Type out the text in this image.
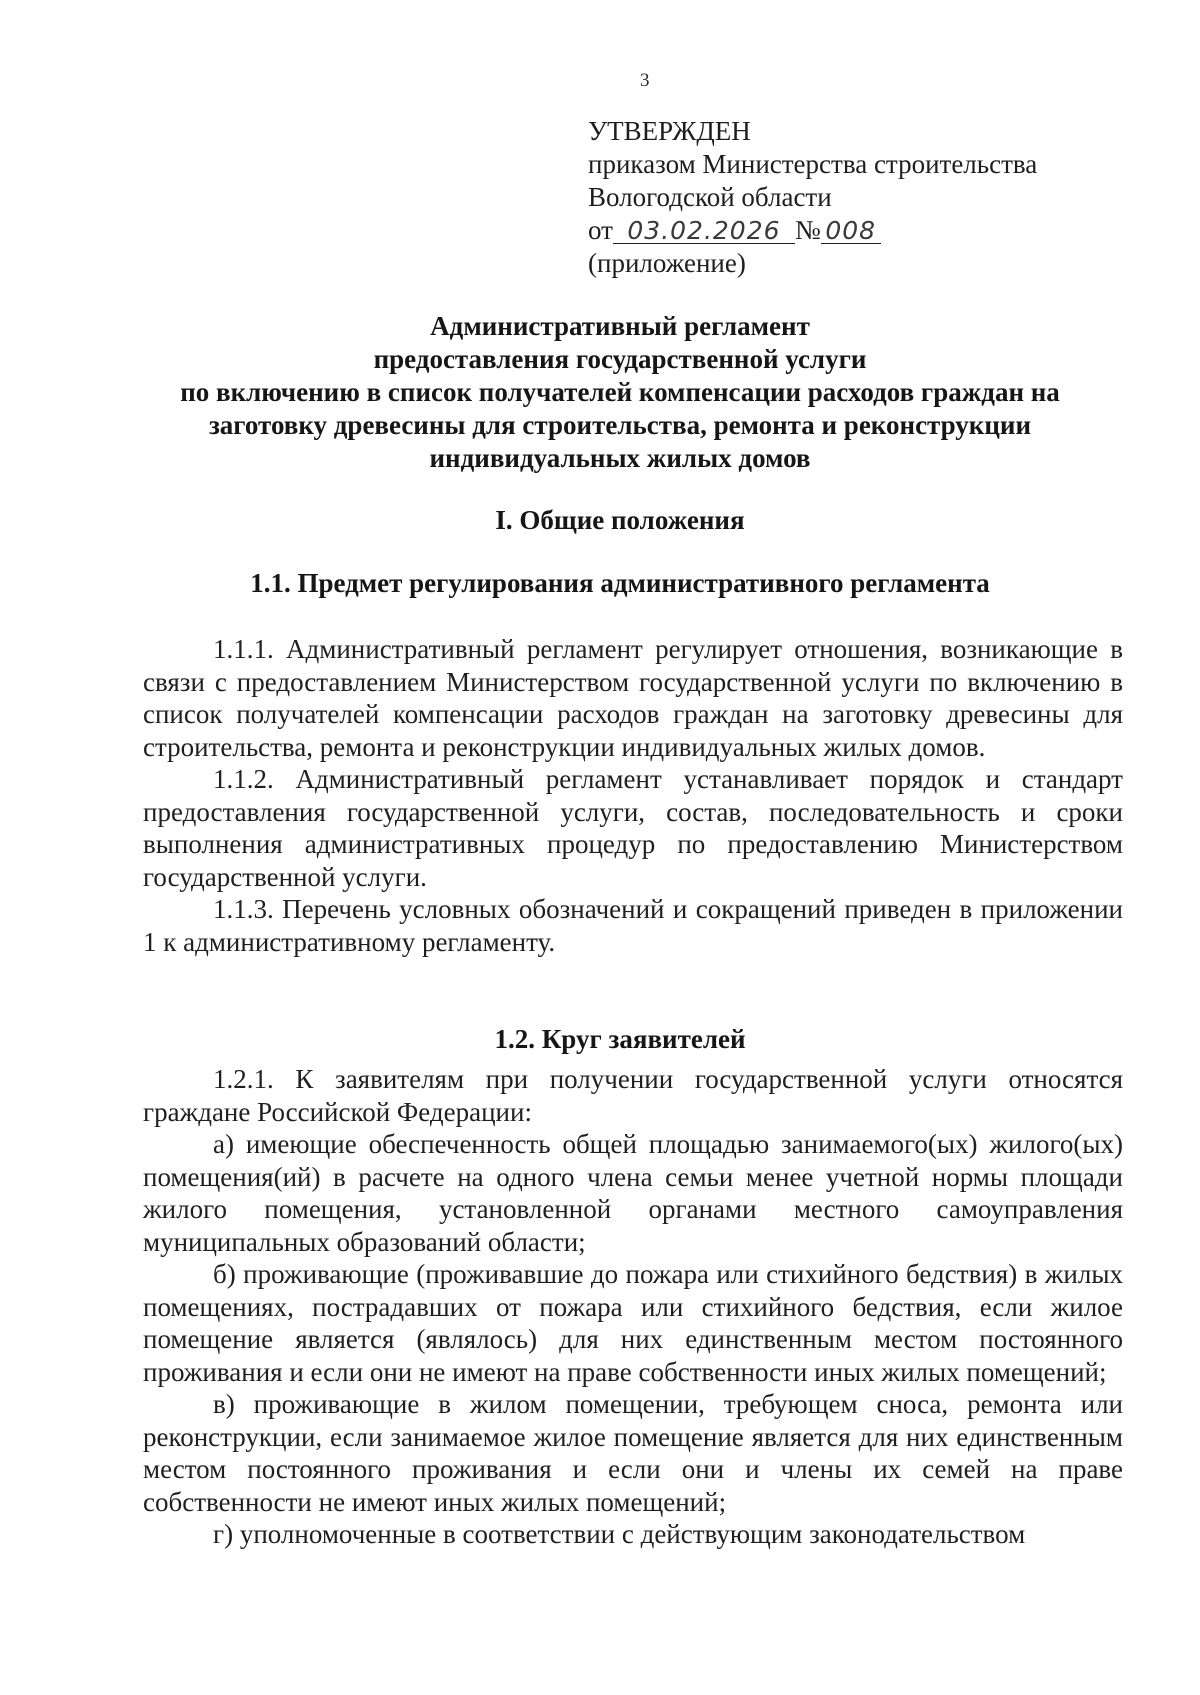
3
УТВЕРЖДЕН
приказом Министерства строительства
Вологодской области
от 03.02.2026 № 008
(приложение)
Административный регламент
предоставления государственной услуги
по включению в список получателей компенсации расходов граждан на
заготовку древесины для строительства, ремонта и реконструкции
индивидуальных жилых домов
I. Общие положения
1.1. Предмет регулирования административного регламента

1.1.1. Административный регламент регулирует отношения, возникающие в связи с предоставлением Министерством государственной услуги по включению в список получателей компенсации расходов граждан на заготовку древесины для строительства, ремонта и реконструкции индивидуальных жилых домов.

1.1.2. Административный регламент устанавливает порядок и стандарт предоставления государственной услуги, состав, последовательность и сроки выполнения административных процедур по предоставлению Министерством государственной услуги.

1.1.3. Перечень условных обозначений и сокращений приведен в приложении 1 к административному регламенту.

1.2. Круг заявителей

1.2.1. К заявителям при получении государственной услуги относятся граждане Российской Федерации:

а) имеющие обеспеченность общей площадью занимаемого(ых) жилого(ых) помещения(ий) в расчете на одного члена семьи менее учетной нормы площади жилого помещения, установленной органами местного самоуправления муниципальных образований области;

б) проживающие (проживавшие до пожара или стихийного бедствия) в жилых помещениях, пострадавших от пожара или стихийного бедствия, если жилое помещение является (являлось) для них единственным местом постоянного проживания и если они не имеют на праве собственности иных жилых помещений;

в) проживающие в жилом помещении, требующем сноса, ремонта или реконструкции, если занимаемое жилое помещение является для них единственным местом постоянного проживания и если они и члены их семей на праве собственности не имеют иных жилых помещений;

г) уполномоченные в соответствии с действующим законодательством
